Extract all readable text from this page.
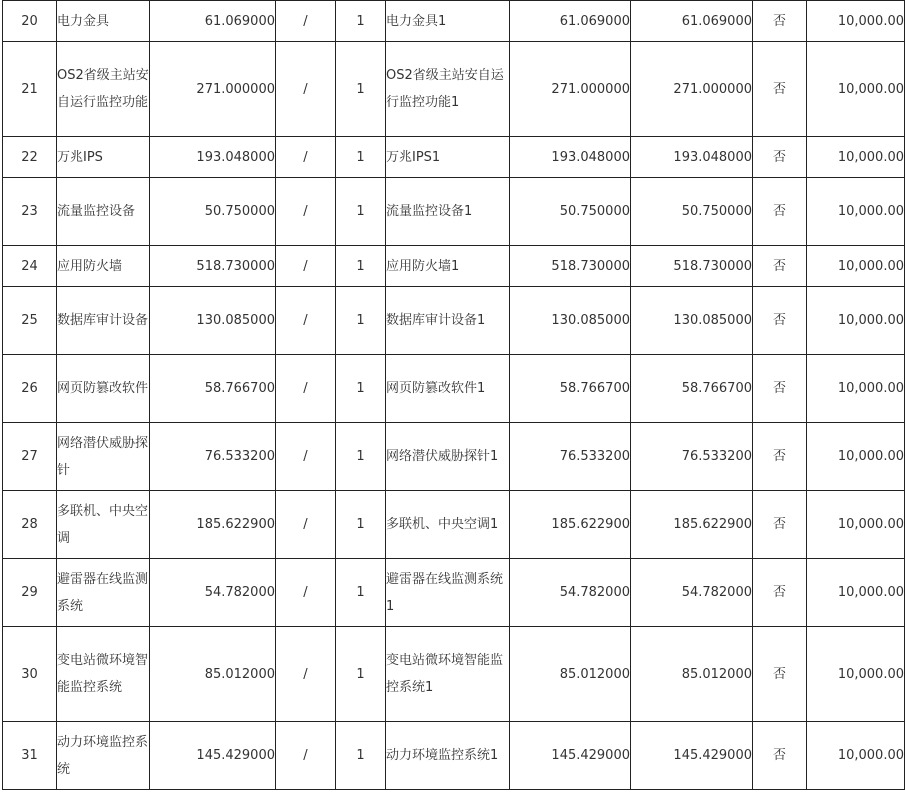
20	电力金具	61.069000	/	1	电力金具1	61.069000	61.069000	否	10,000.00
21	OS2省级主站安自运行监控功能	271.000000	/	1	OS2省级主站安自运行监控功能1	271.000000	271.000000	否	10,000.00
22	万兆IPS	193.048000	/	1	万兆IPS1	193.048000	193.048000	否	10,000.00
23	流量监控设备	50.750000	/	1	流量监控设备1	50.750000	50.750000	否	10,000.00
24	应用防火墙	518.730000	/	1	应用防火墙1	518.730000	518.730000	否	10,000.00
25	数据库审计设备	130.085000	/	1	数据库审计设备1	130.085000	130.085000	否	10,000.00
26	网页防篡改软件	58.766700	/	1	网页防篡改软件1	58.766700	58.766700	否	10,000.00
27	网络潜伏威胁探针	76.533200	/	1	网络潜伏威胁探针1	76.533200	76.533200	否	10,000.00
28	多联机、中央空调	185.622900	/	1	多联机、中央空调1	185.622900	185.622900	否	10,000.00
29	避雷器在线监测系统	54.782000	/	1	避雷器在线监测系统1	54.782000	54.782000	否	10,000.00
30	变电站微环境智能监控系统	85.012000	/	1	变电站微环境智能监控系统1	85.012000	85.012000	否	10,000.00
31	动力环境监控系统	145.429000	/	1	动力环境监控系统1	145.429000	145.429000	否	10,000.00
